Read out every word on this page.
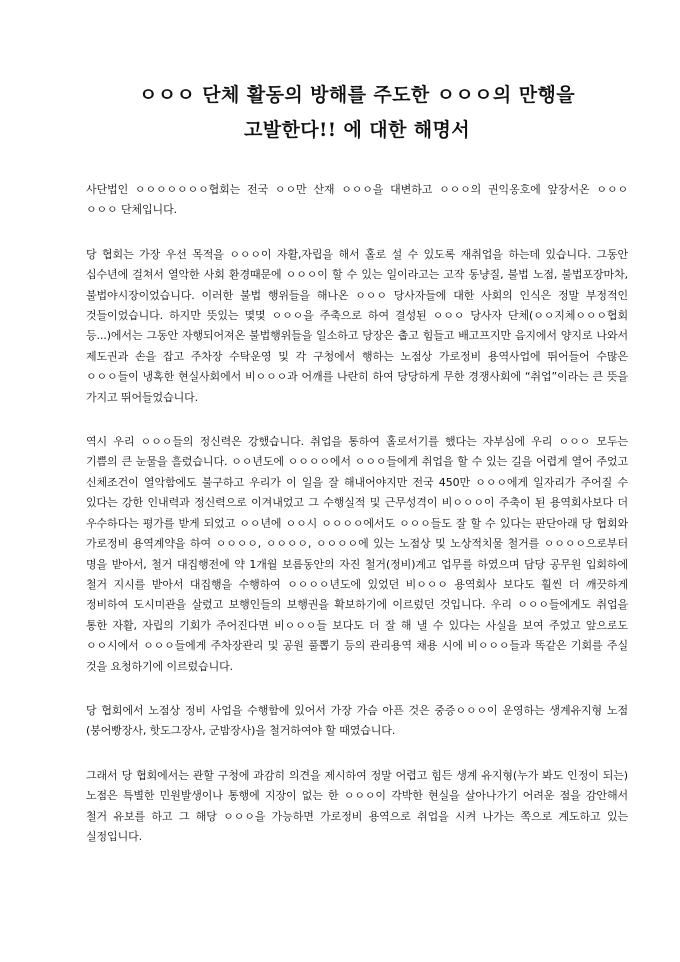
ㅇㅇㅇ 단체 활동의 방해를 주도한 ㅇㅇㅇ의 만행을
고발한다!! 에 대한 해명서

사단법인 ㅇㅇㅇㅇㅇㅇㅇ협회는 전국 ㅇㅇ만 산재 ㅇㅇㅇ을 대변하고 ㅇㅇㅇ의 권익옹호에 앞장서온 ㅇㅇㅇ ㅇㅇㅇ 단체입니다.

당 협회는 가장 우선 목적을 ㅇㅇㅇ이 자활,자립을 해서 홀로 설 수 있도록 재취업을 하는데 있습니다. 그동안 십수년에 걸쳐서 열악한 사회 환경때문에 ㅇㅇㅇ이 할 수 있는 일이라고는 고작 동냥질, 불법 노점, 불법포장마차, 불법야시장이었습니다. 이러한 불법 행위들을 해나온 ㅇㅇㅇ 당사자들에 대한 사회의 인식은 정말 부정적인 것들이었습니다. 하지만 뜻있는 몇몇 ㅇㅇㅇ을 주축으로 하여 결성된 ㅇㅇㅇ 당사자 단체(ㅇㅇ지체ㅇㅇㅇ협회 등...)에서는 그동안 자행되어져온 불법행위들을 일소하고 당장은 춥고 힘들고 배고프지만 음지에서 양지로 나와서 제도권과 손을 잡고 주차장 수탁운영 및 각 구청에서 행하는 노점상 가로정비 용역사업에 뛰어들어 수많은 ㅇㅇㅇ들이 냉혹한 현실사회에서 비ㅇㅇㅇ과 어깨를 나란히 하여 당당하게 무한 경쟁사회에 “취업”이라는 큰 뜻을 가지고 뛰어들었습니다.

역시 우리 ㅇㅇㅇ들의 정신력은 강했습니다. 취업을 통하여 홀로서기를 했다는 자부심에 우리 ㅇㅇㅇ 모두는 기쁨의 큰 눈물을 흘렸습니다. ㅇㅇ년도에 ㅇㅇㅇㅇ에서 ㅇㅇㅇ들에게 취업을 할 수 있는 길을 어렵게 열어 주었고 신체조건이 열악함에도 불구하고 우리가 이 일을 잘 해내어야지만 전국 450만 ㅇㅇㅇ에게 일자리가 주어질 수 있다는 강한 인내력과 정신력으로 이겨내었고 그 수행실적 및 근무성격이 비ㅇㅇㅇ이 주축이 된 용역회사보다 더 우수하다는 평가를 받게 되었고 ㅇㅇ년에 ㅇㅇ시 ㅇㅇㅇㅇ에서도 ㅇㅇㅇ들도 잘 할 수 있다는 판단아래 당 협회와 가로정비 용역계약을 하여 ㅇㅇㅇㅇ, ㅇㅇㅇㅇ, ㅇㅇㅇㅇ에 있는 노점상 및 노상적치물 철거를 ㅇㅇㅇㅇ으로부터 명을 받아서, 철거 대집행전에 약 1개월 보름동안의 자진 철거(정비)계고 업무를 하였으며 담당 공무원 입회하에 철거 지시를 받아서 대집행을 수행하여 ㅇㅇㅇㅇ년도에 있었던 비ㅇㅇㅇ 용역회사 보다도 훨씬 더 깨끗하게 정비하여 도시미관을 살렸고 보행인들의 보행권을 확보하기에 이르렀던 것입니다. 우리 ㅇㅇㅇ들에게도 취업을 통한 자활, 자립의 기회가 주어진다면 비ㅇㅇㅇ들 보다도 더 잘 해 낼 수 있다는 사실을 보여 주었고 앞으로도 ㅇㅇ시에서 ㅇㅇㅇ들에게 주차장관리 및 공원 풀뽑기 등의 관리용역 채용 시에 비ㅇㅇㅇ들과 똑같은 기회를 주실 것을 요청하기에 이르렀습니다.

당 협회에서 노점상 정비 사업을 수행함에 있어서 가장 가슴 아픈 것은 중증ㅇㅇㅇ이 운영하는 생계유지형 노점(붕어빵장사, 핫도그장사, 군밤장사)을 철거하여야 할 때였습니다.

그래서 당 협회에서는 관할 구청에 과감히 의견을 제시하여 정말 어렵고 힘든 생계 유지형(누가 봐도 인정이 되는) 노점은 특별한 민원발생이나 통행에 지장이 없는 한 ㅇㅇㅇ이 각박한 현실을 살아나가기 어려운 점을 감안해서 철거 유보를 하고 그 해당 ㅇㅇㅇ을 가능하면 가로정비 용역으로 취업을 시켜 나가는 쪽으로 계도하고 있는 실정입니다.
